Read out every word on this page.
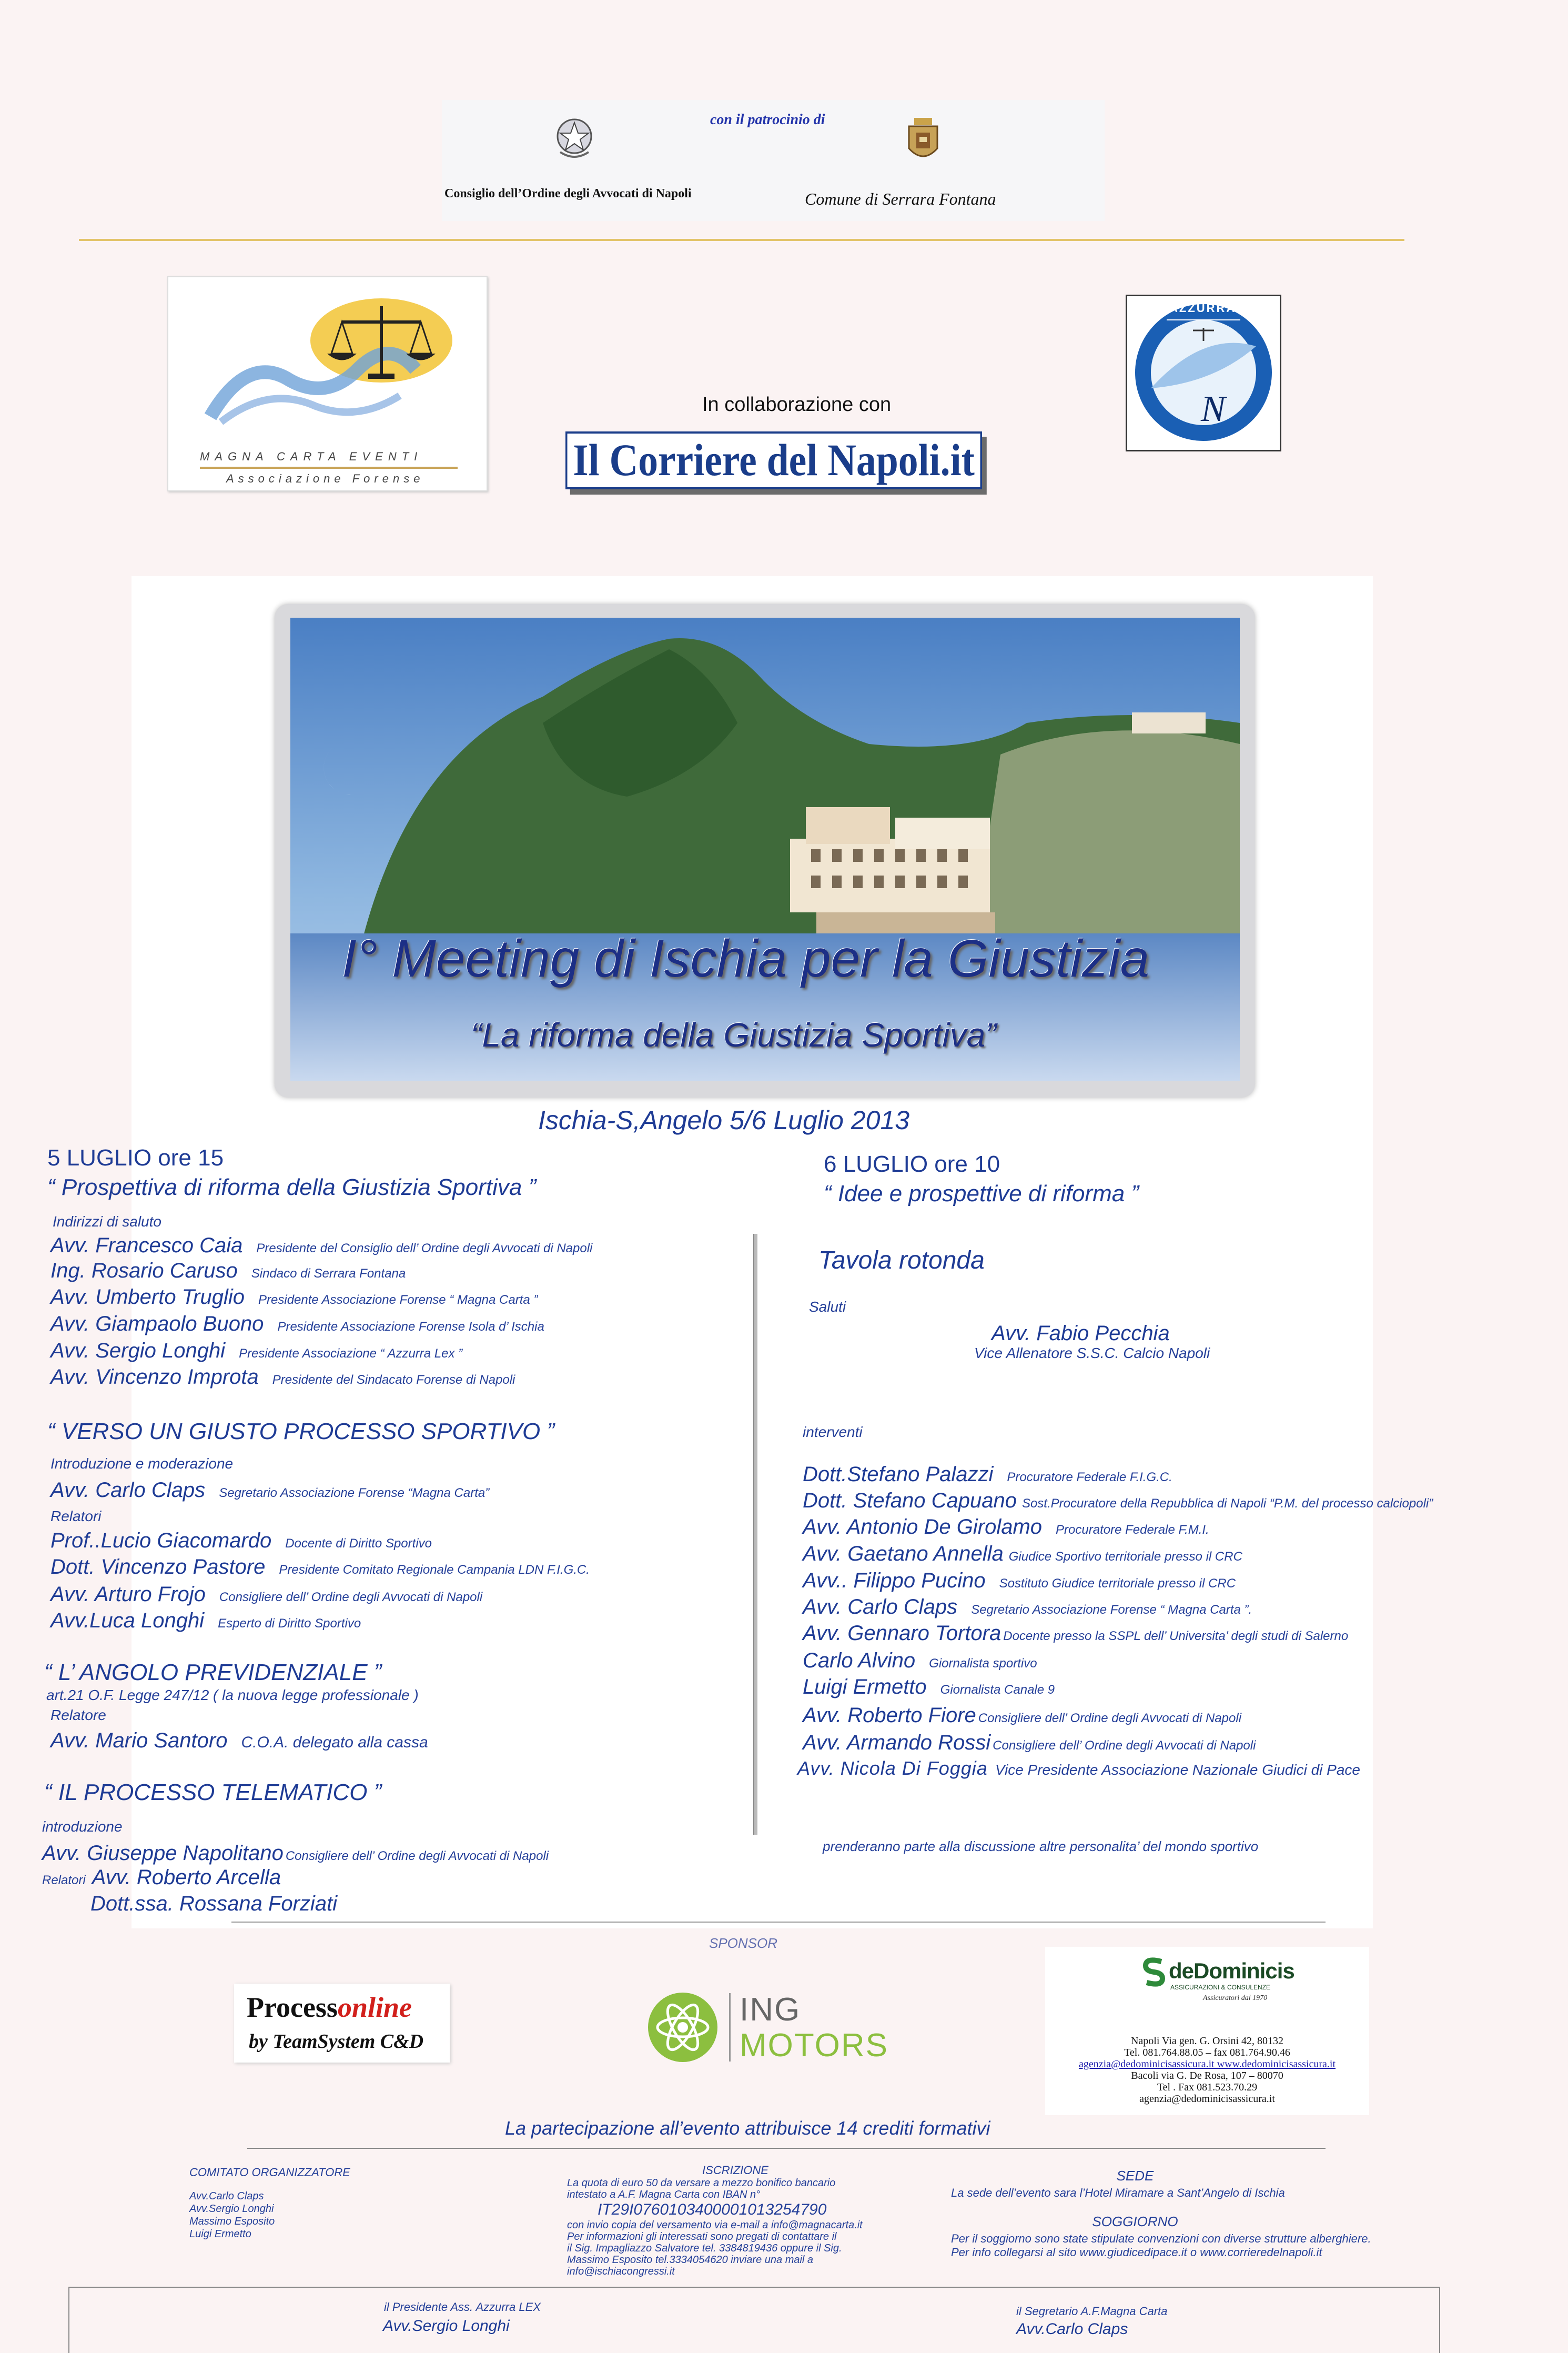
con il patrocinio di
Consiglio dell’Ordine degli Avvocati di Napoli	Comune di Serrara Fontana
MAGNA CARTA EVENTI
Associazione Forense
In collaborazione con
Il Corriere del Napoli.it
AZZURRA LEX
N
I° Meeting di Ischia per la Giustizia
“La riforma della Giustizia Sportiva”
Ischia-S,Angelo 5/6 Luglio 2013
5 LUGLIO ore 15
“ Prospettiva di riforma della Giustizia Sportiva ”
Indirizzi di saluto
Avv. Francesco Caia Presidente del Consiglio dell’ Ordine degli Avvocati di Napoli
Ing. Rosario Caruso Sindaco di Serrara Fontana
Avv. Umberto Truglio Presidente Associazione Forense “ Magna Carta ”
Avv. Giampaolo Buono Presidente Associazione Forense Isola d’ Ischia
Avv. Sergio Longhi Presidente Associazione “ Azzurra Lex ”
Avv. Vincenzo Improta Presidente del Sindacato Forense di Napoli
“ VERSO UN GIUSTO PROCESSO SPORTIVO ”
Introduzione e moderazione
Avv. Carlo Claps Segretario Associazione Forense “Magna Carta”
Relatori
Prof..Lucio Giacomardo Docente di Diritto Sportivo
Dott. Vincenzo Pastore Presidente Comitato Regionale Campania LDN F.I.G.C.
Avv. Arturo Frojo Consigliere dell’ Ordine degli Avvocati di Napoli
Avv.Luca Longhi Esperto di Diritto Sportivo
“ L’ ANGOLO PREVIDENZIALE ”
art.21 O.F. Legge 247/12 ( la nuova legge professionale )
Relatore
Avv. Mario Santoro C.O.A. delegato alla cassa
“ IL PROCESSO TELEMATICO ”
introduzione
Avv. Giuseppe Napolitano Consigliere dell’ Ordine degli Avvocati di Napoli
Relatori Avv. Roberto Arcella
Dott.ssa. Rossana Forziati
6 LUGLIO ore 10
“ Idee e prospettive di riforma ”
Tavola rotonda
Saluti
Avv. Fabio Pecchia
Vice Allenatore S.S.C. Calcio Napoli
interventi
Dott.Stefano Palazzi Procuratore Federale F.I.G.C.
Dott. Stefano Capuano Sost.Procuratore della Repubblica di Napoli “P.M. del processo calciopoli”
Avv. Antonio De Girolamo Procuratore Federale F.M.I.
Avv. Gaetano Annella Giudice Sportivo territoriale presso il CRC
Avv.. Filippo Pucino Sostituto Giudice territoriale presso il CRC
Avv. Carlo Claps Segretario Associazione Forense “ Magna Carta ”.
Avv. Gennaro Tortora Docente presso la SSPL dell’ Universita’ degli studi di Salerno
Carlo Alvino Giornalista sportivo
Luigi Ermetto Giornalista Canale 9
Avv. Roberto Fiore Consigliere dell’ Ordine degli Avvocati di Napoli
Avv. Armando Rossi Consigliere dell’ Ordine degli Avvocati di Napoli
Avv. Nicola Di Foggia Vice Presidente Associazione Nazionale Giudici di Pace
prenderanno parte alla discussione altre personalita’ del mondo sportivo
SPONSOR
Processonline
by TeamSystem C&D
ING
MOTORS
deDominicis
ASSICURAZIONI & CONSULENZE
Assicuratori dal 1970
Napoli Via gen. G. Orsini 42, 80132
Tel. 081.764.88.05 – fax 081.764.90.46
agenzia@dedominicisassicura.it www.dedominicisassicura.it
Bacoli via G. De Rosa, 107 – 80070
Tel . Fax 081.523.70.29
agenzia@dedominicisassicura.it
La partecipazione all’evento attribuisce 14 crediti formativi
COMITATO ORGANIZZATORE
Avv.Carlo Claps
Avv.Sergio Longhi
Massimo Esposito
Luigi Ermetto
ISCRIZIONE
La quota di euro 50 da versare a mezzo bonifico bancario
intestato a A.F. Magna Carta con IBAN n°
IT29I0760103400001013254790
con invio copia del versamento via e-mail a info@magnacarta.it
Per informazioni gli interessati sono pregati di contattare il
il Sig. Impagliazzo Salvatore tel. 3384819436 oppure il Sig.
Massimo Esposito tel.3334054620 inviare una mail a
info@ischiacongressi.it
SEDE
La sede dell’evento sara l’Hotel Miramare a Sant’Angelo di Ischia
SOGGIORNO
Per il soggiorno sono state stipulate convenzioni con diverse strutture alberghiere.
Per info collegarsi al sito www.giudicedipace.it o www.corrieredelnapoli.it
il Presidente Ass. Azzurra LEX
Avv.Sergio Longhi
il Segretario A.F.Magna Carta
Avv.Carlo Claps
